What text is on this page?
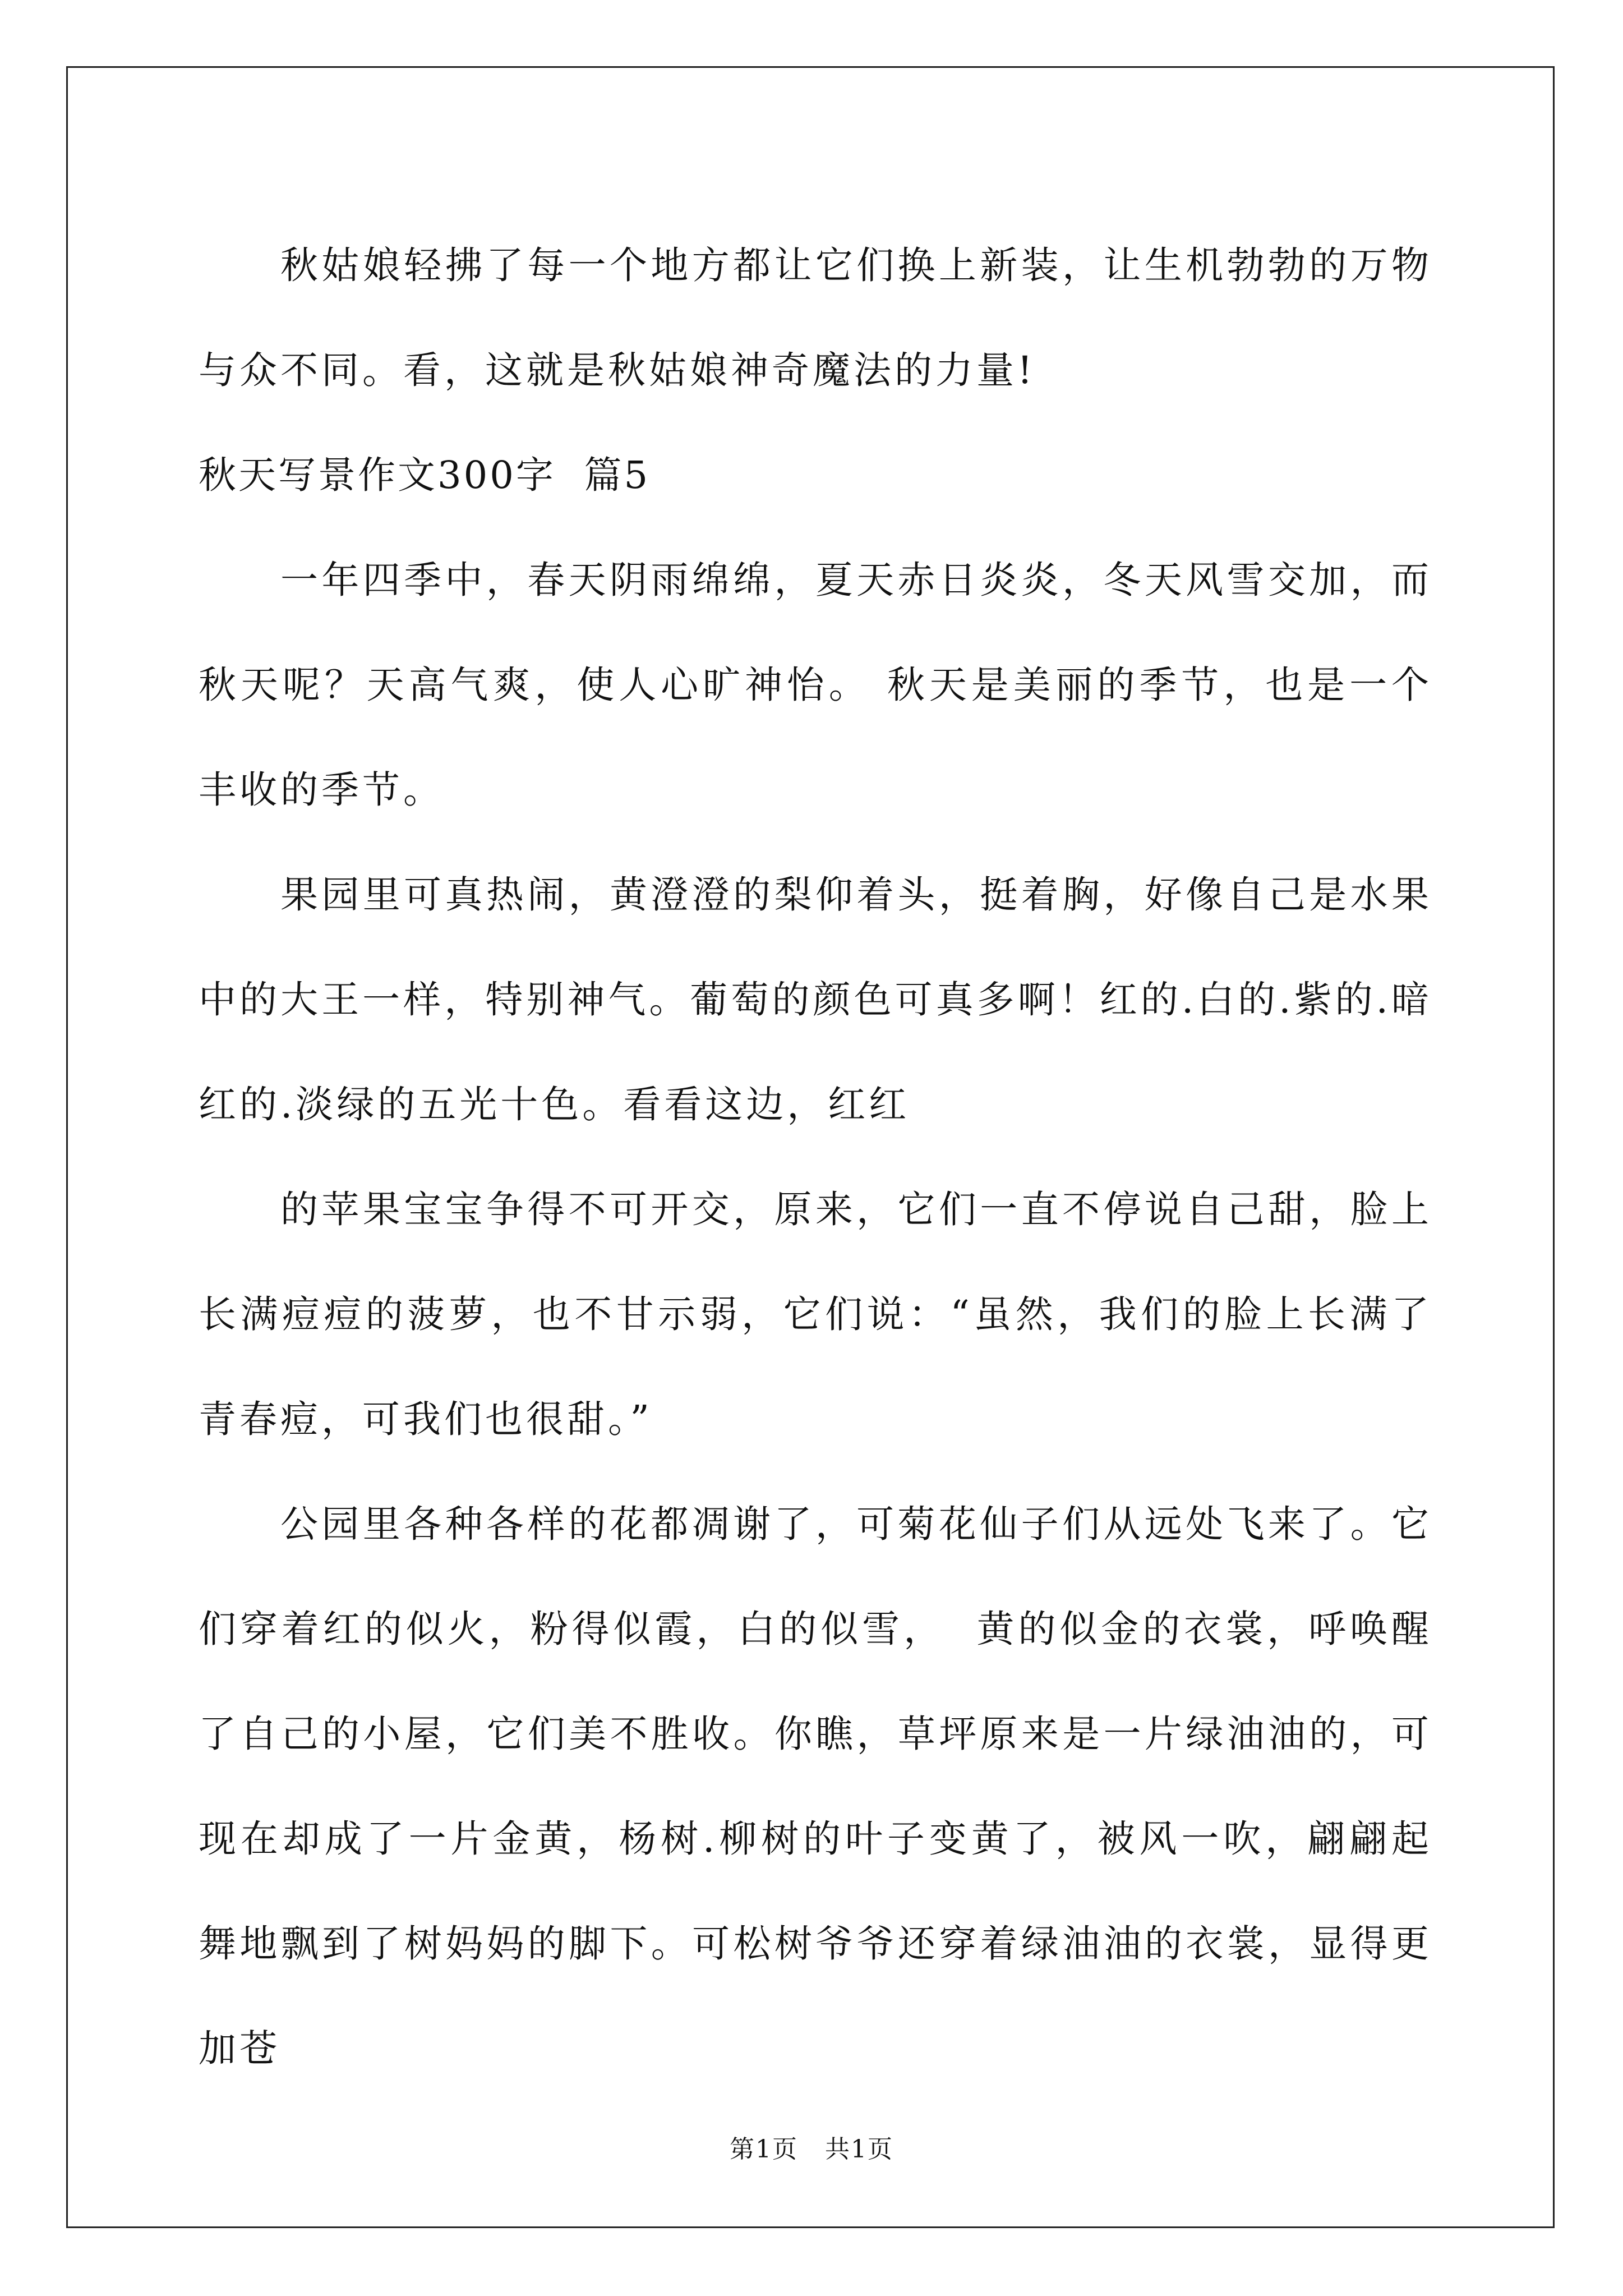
秋姑娘轻拂了每一个地方都让它们换上新装，让生机勃勃的万物与众不同。看，这就是秋姑娘神奇魔法的力量!

秋天写景作文300字  篇5

一年四季中，春天阴雨绵绵，夏天赤日炎炎，冬天风雪交加，而秋天呢？天高气爽，使人心旷神怡。 秋天是美丽的季节，也是一个丰收的季节。

果园里可真热闹，黄澄澄的梨仰着头，挺着胸，好像自己是水果中的大王一样，特别神气。葡萄的颜色可真多啊！红的.白的.紫的.暗红的.淡绿的五光十色。看看这边，红红

的苹果宝宝争得不可开交，原来，它们一直不停说自己甜，脸上长满痘痘的菠萝，也不甘示弱，它们说：“虽然，我们的脸上长满了青春痘，可我们也很甜。”

公园里各种各样的花都凋谢了，可菊花仙子们从远处飞来了。它们穿着红的似火，粉得似霞，白的似雪，  黄的似金的衣裳，呼唤醒了自己的小屋，它们美不胜收。你瞧，草坪原来是一片绿油油的，可现在却成了一片金黄，杨树.柳树的叶子变黄了，被风一吹，翩翩起舞地飘到了树妈妈的脚下。可松树爷爷还穿着绿油油的衣裳，显得更加苍

第1页   共1页
